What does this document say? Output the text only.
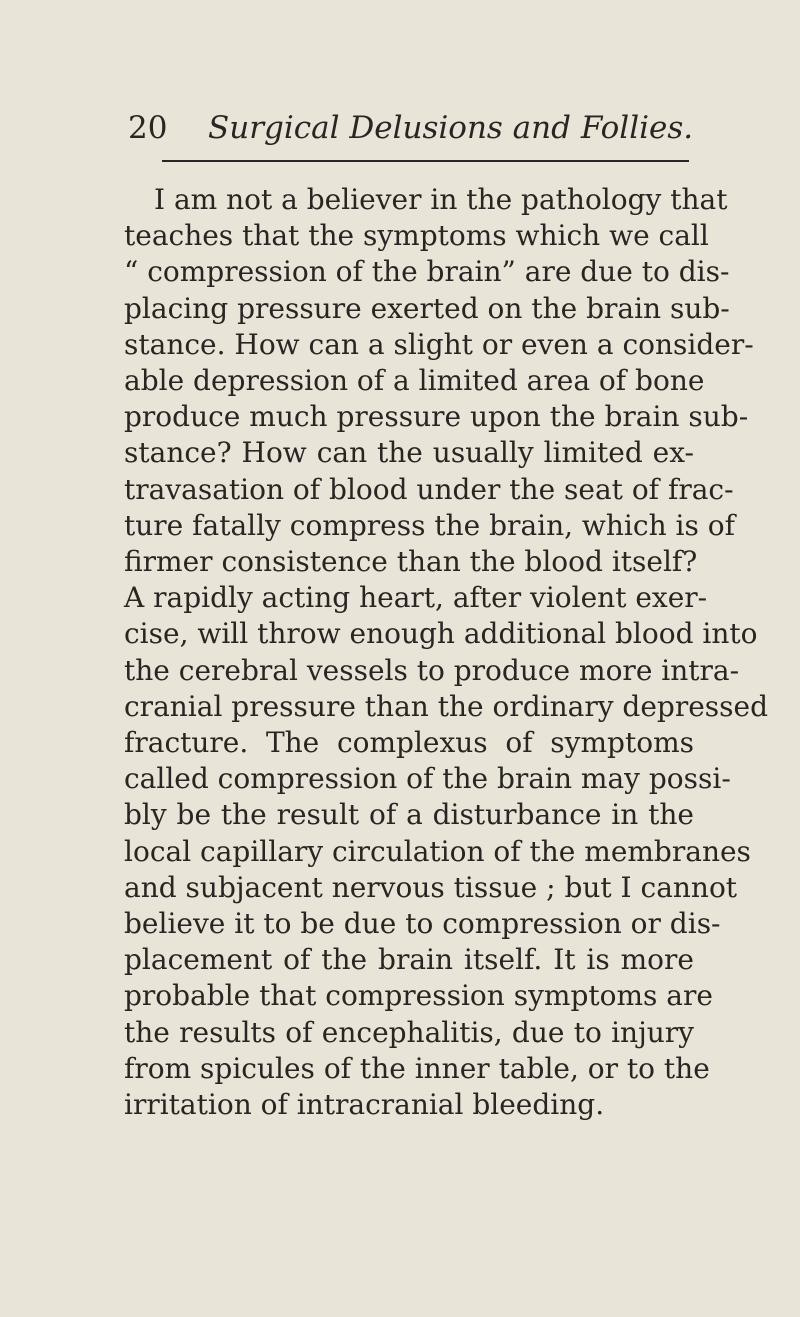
20 Surgical Delusions and Follies.
I am not a believer in the pathology that
teaches that the symptoms which we call
“ compression of the brain” are due to dis-
placing pressure exerted on the brain sub-
stance. How can a slight or even a consider-
able depression of a limited area of bone
produce much pressure upon the brain sub-
stance? How can the usually limited ex-
travasation of blood under the seat of frac-
ture fatally compress the brain, which is of
firmer consistence than the blood itself?
A rapidly acting heart, after violent exer-
cise, will throw enough additional blood into
the cerebral vessels to produce more intra-
cranial pressure than the ordinary depressed
fracture. The complexus of symptoms
called compression of the brain may possi-
bly be the result of a disturbance in the
local capillary circulation of the membranes
and subjacent nervous tissue ; but I cannot
believe it to be due to compression or dis-
placement of the brain itself. It is more
probable that compression symptoms are
the results of encephalitis, due to injury
from spicules of the inner table, or to the
irritation of intracranial bleeding.
